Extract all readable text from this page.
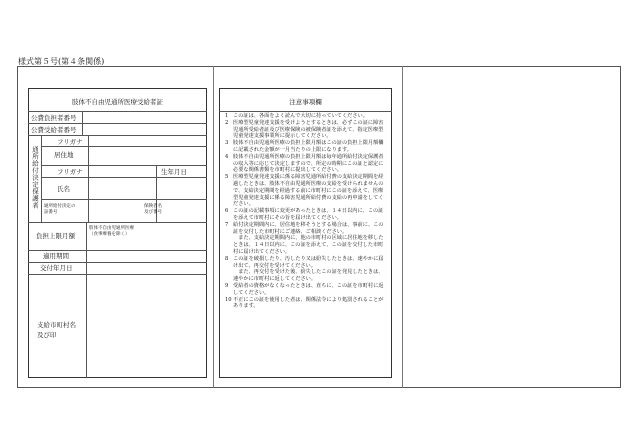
様式第５号(第４条関係)
肢体不自由児通所医療受給者証
公費負担者番号
公費受給者番号
通所給付決定保護者
フリガナ
居住地
フリガナ	生年月日
氏名
通所給付決定の
証番号
保険者名
及び番号
負担上限月額
肢体不自由児通所医療
（食事療養を除く）
適用期間
交付年月日
支給市町村名
及び印
注意事項欄
1 この証は、各面をよく読んで大切に持っていてください。
2 医療型児童発達支援を受けようとするときは、必ずこの証に障害児通所受給者証及び医療保険の被保険者証を添えて、指定医療型児童発達支援事業所に提示してください。
3 肢体不自由児通所医療の負担上限月額はこの証の負担上限月額欄に記載された金額が一月当たりの上限になります。
4 肢体不自由児通所医療の負担上限月額は毎年通所給付決定保護者の収入等に応じて決定しますので、所定の時期にこの証と認定に必要な関係書類を市町村に提出してください。
5 医療型児童発達支援に係る障害児通所給付費の支給決定期間を経過したときは、肢体不自由児通所医療の支給を受けられませんので、支給決定期間を経過する前に市町村にこの証を添えて、医療型児童発達支援に係る障害児通所給付費の支給の再申請をしてください。
6 この証の記載事項に変更があったときは、１４日以内に、この証を添えて市町村にその旨を届け出てください。
7 給付決定期間内に、居住地を移そうとする場合は、事前に、この証を交付した市町村にご連絡、ご相談ください。
　また、支給決定期間内に、他の市町村の区域に居住地を移したときは、１４日以内に、この証を添えて、この証を交付した市町村に届け出てください。
8 この証を破損したり、汚したり又は紛失したときは、速やかに届け出て、再交付を受けてください。
　また、再交付を受けた後、紛失したこの証を発見したときは、速やかに市町村に返してください。
9 受給者の資格がなくなったときは、直ちに、この証を市町村に返してください。
10 不正にこの証を使用した者は、関係法令により処罰されることがあります。
